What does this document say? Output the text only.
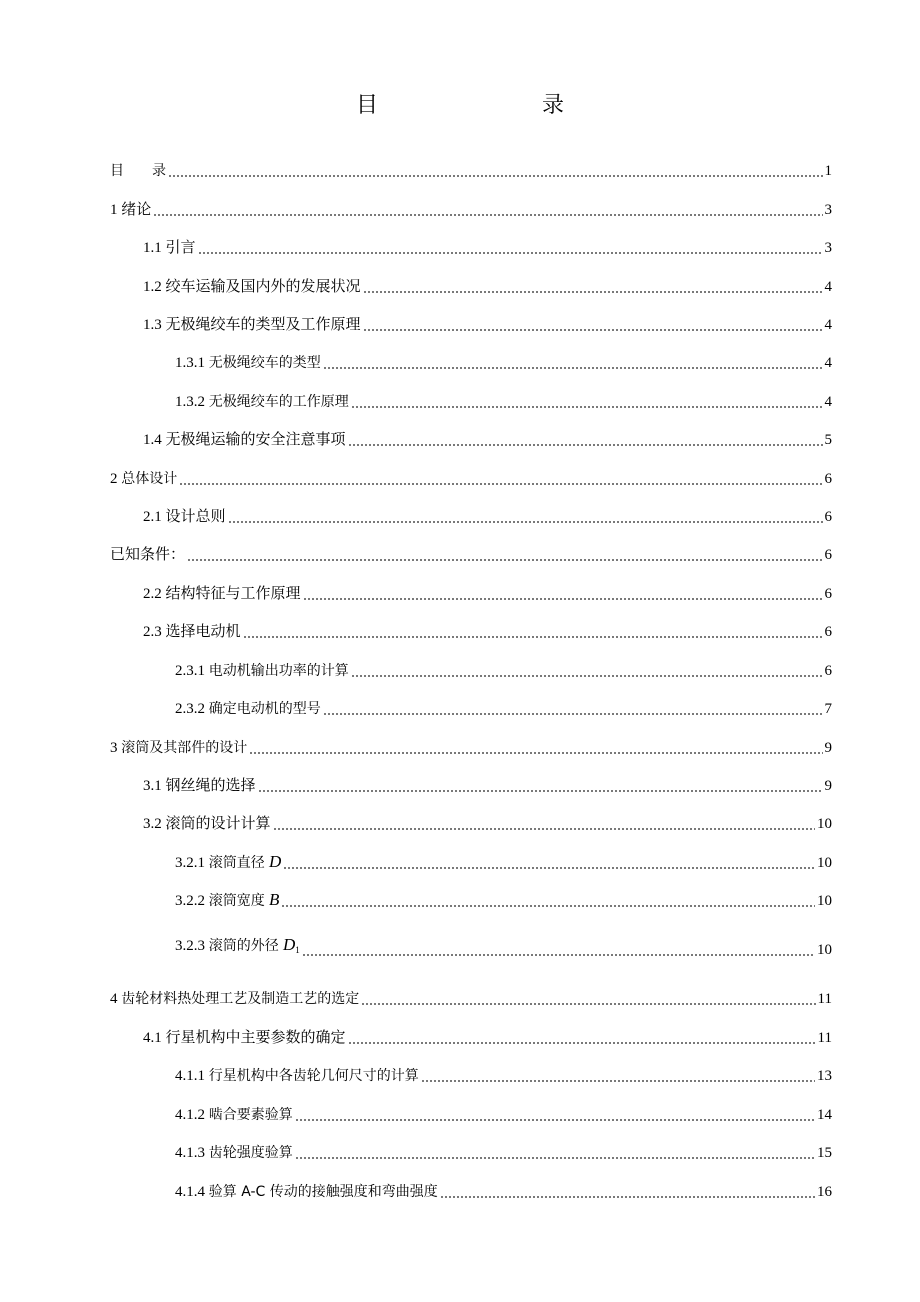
目　　录
目　　录	1
1 绪论	3
1.1 引言	3
1.2 绞车运输及国内外的发展状况	4
1.3 无极绳绞车的类型及工作原理	4
1.3.1 无极绳绞车的类型	4
1.3.2 无极绳绞车的工作原理	4
1.4 无极绳运输的安全注意事项	5
2 总体设计	6
2.1 设计总则	6
已知条件：	6
2.2 结构特征与工作原理	6
2.3 选择电动机	6
2.3.1 电动机输出功率的计算	6
2.3.2 确定电动机的型号	7
3 滚筒及其部件的设计	9
3.1 钢丝绳的选择	9
3.2 滚筒的设计计算	10
3.2.1 滚筒直径 D	10
3.2.2 滚筒宽度 B	10
3.2.3 滚筒的外径 $D_1$	10
4 齿轮材料热处理工艺及制造工艺的选定	11
4.1 行星机构中主要参数的确定	11
4.1.1 行星机构中各齿轮几何尺寸的计算	13
4.1.2 啮合要素验算	14
4.1.3 齿轮强度验算	15
4.1.4 验算 A-C 传动的接触强度和弯曲强度	16
